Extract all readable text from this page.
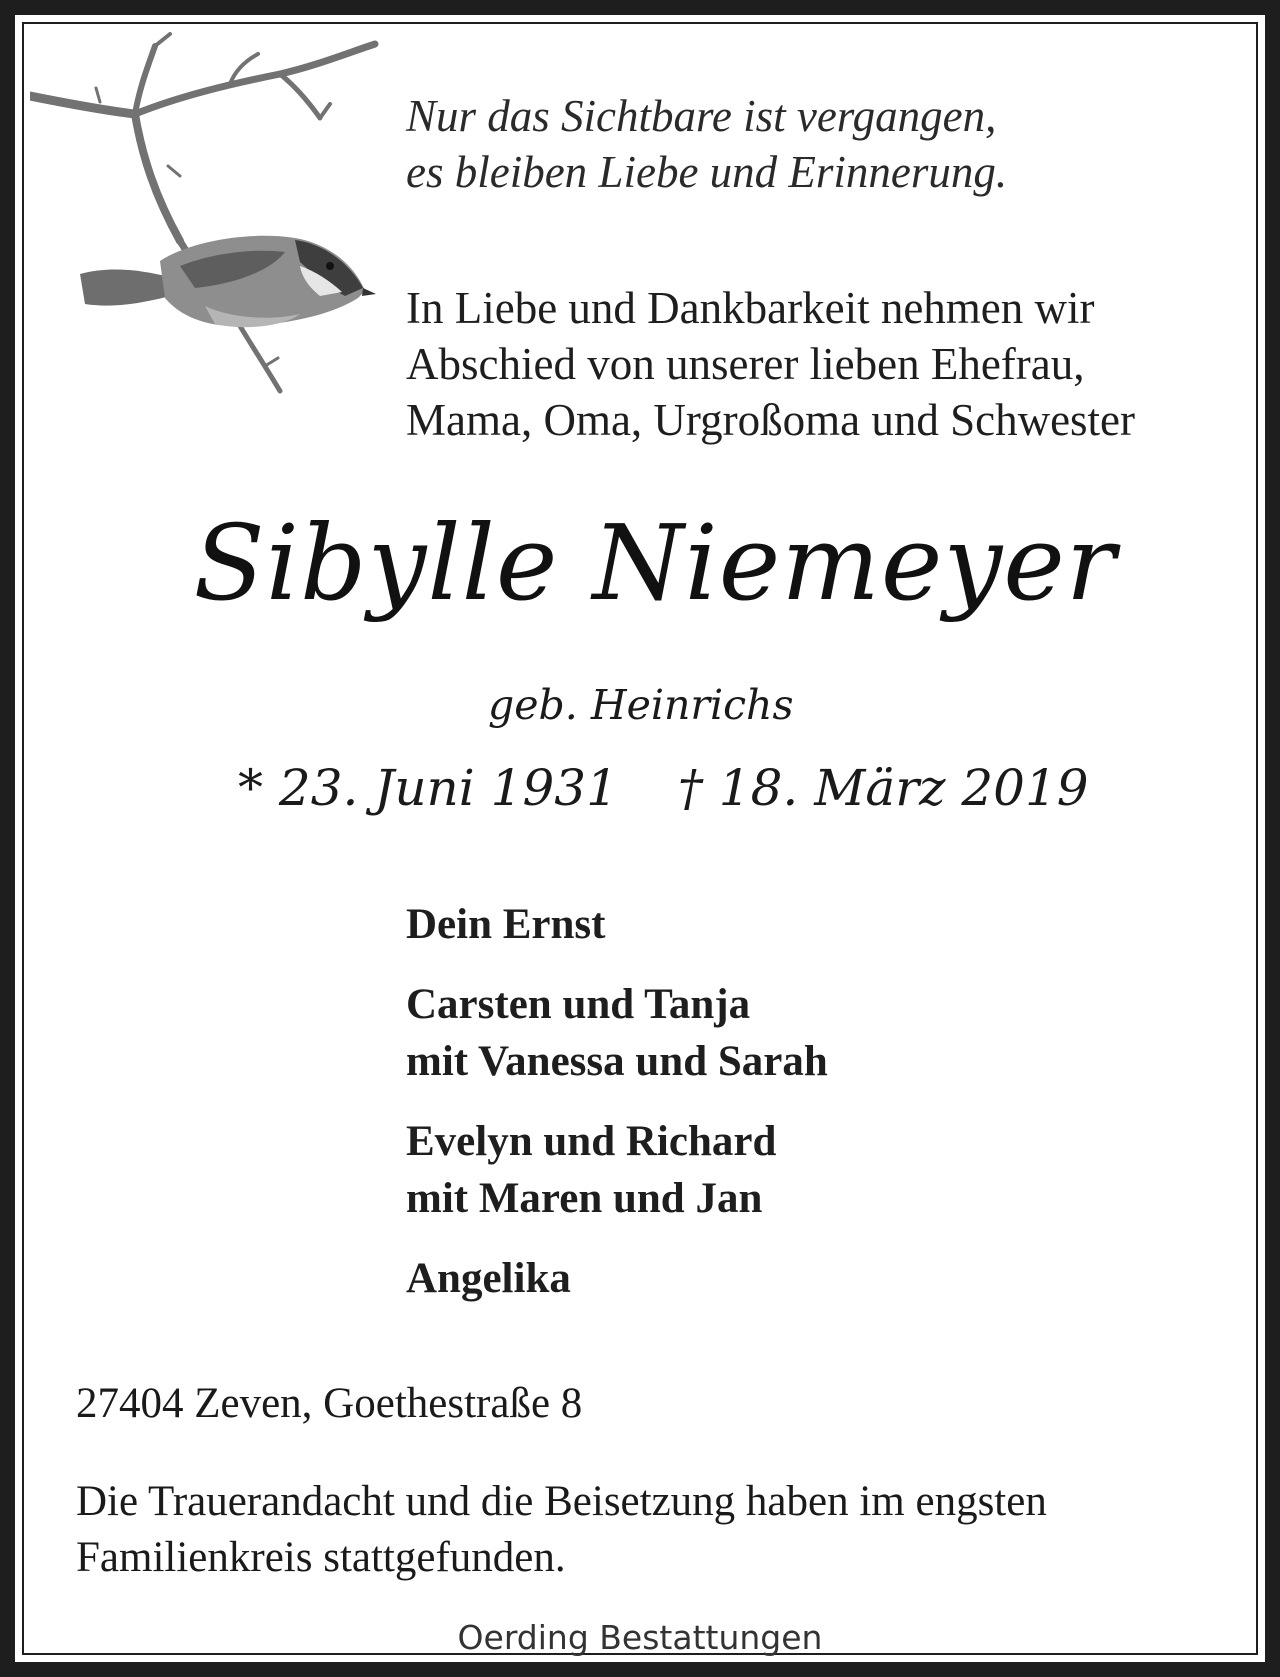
Nur das Sichtbare ist vergangen,
es bleiben Liebe und Erinnerung.
In Liebe und Dankbarkeit nehmen wir
Abschied von unserer lieben Ehefrau,
Mama, Oma, Urgroßoma und Schwester
Sibylle Niemeyer
geb. Heinrichs
* 23. Juni 1931 † 18. März 2019
Dein Ernst
Carsten und Tanja
mit Vanessa und Sarah
Evelyn und Richard
mit Maren und Jan
Angelika
27404 Zeven, Goethestraße 8
Die Trauerandacht und die Beisetzung haben im engsten
Familienkreis stattgefunden.
Oerding Bestattungen
